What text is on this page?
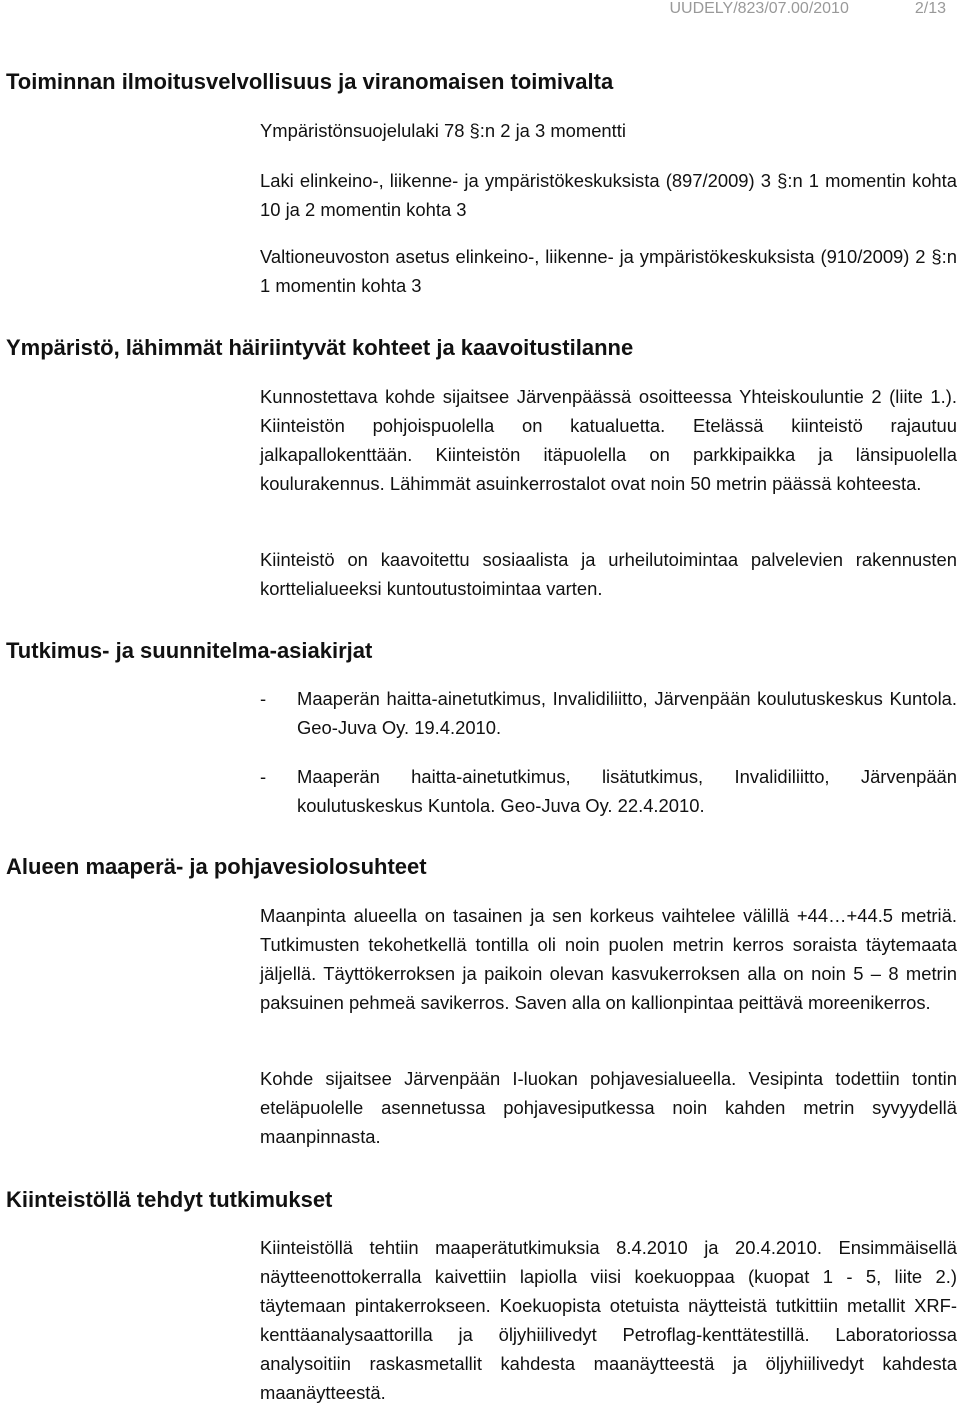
UUDELY/823/07.00/2010	2/13
Toiminnan ilmoitusvelvollisuus ja viranomaisen toimivalta

Ympäristönsuojelulaki 78 §:n 2 ja 3 momentti

Laki elinkeino-, liikenne- ja ympäristökeskuksista (897/2009) 3 §:n 1 momentin kohta 10 ja 2 momentin kohta 3

Valtioneuvoston asetus elinkeino-, liikenne- ja ympäristökeskuksista (910/2009) 2 §:n 1 momentin kohta 3

Ympäristö, lähimmät häiriintyvät kohteet ja kaavoitustilanne

Kunnostettava kohde sijaitsee Järvenpäässä osoitteessa Yhteiskouluntie 2 (liite 1.). Kiinteistön pohjoispuolella on katualuetta. Etelässä kiinteistö rajautuu jalkapallokenttään. Kiinteistön itäpuolella on parkkipaikka ja länsipuolella koulurakennus. Lähimmät asuinkerrostalot ovat noin 50 metrin päässä kohteesta.

Kiinteistö on kaavoitettu sosiaalista ja urheilutoimintaa palvelevien rakennusten korttelialueeksi kuntoutustoimintaa varten.

Tutkimus- ja suunnitelma-asiakirjat
- Maaperän haitta-ainetutkimus, Invalidiliitto, Järvenpään koulutuskeskus Kuntola. Geo-Juva Oy. 19.4.2010.
- Maaperän haitta-ainetutkimus, lisätutkimus, Invalidiliitto, Järvenpään koulutuskeskus Kuntola. Geo-Juva Oy. 22.4.2010.
Alueen maaperä- ja pohjavesiolosuhteet

Maanpinta alueella on tasainen ja sen korkeus vaihtelee välillä +44…+44.5 metriä. Tutkimusten tekohetkellä tontilla oli noin puolen metrin kerros soraista täytemaata jäljellä. Täyttökerroksen ja paikoin olevan kasvukerroksen alla on noin 5 – 8 metrin paksuinen pehmeä savikerros. Saven alla on kallionpintaa peittävä moreenikerros.

Kohde sijaitsee Järvenpään I-luokan pohjavesialueella. Vesipinta todettiin tontin eteläpuolelle asennetussa pohjavesiputkessa noin kahden metrin syvyydellä maanpinnasta.

Kiinteistöllä tehdyt tutkimukset

Kiinteistöllä tehtiin maaperätutkimuksia 8.4.2010 ja 20.4.2010. Ensimmäisellä näytteenottokerralla kaivettiin lapiolla viisi koekuoppaa (kuopat 1 - 5, liite 2.) täytemaan pintakerrokseen. Koekuopista otetuista näytteistä tutkittiin metallit XRF-kenttäanalysaattorilla ja öljyhiilivedyt Petroflag-kenttätestillä. Laboratoriossa analysoitiin raskasmetallit kahdesta maanäytteestä ja öljyhiilivedyt kahdesta maanäytteestä.
